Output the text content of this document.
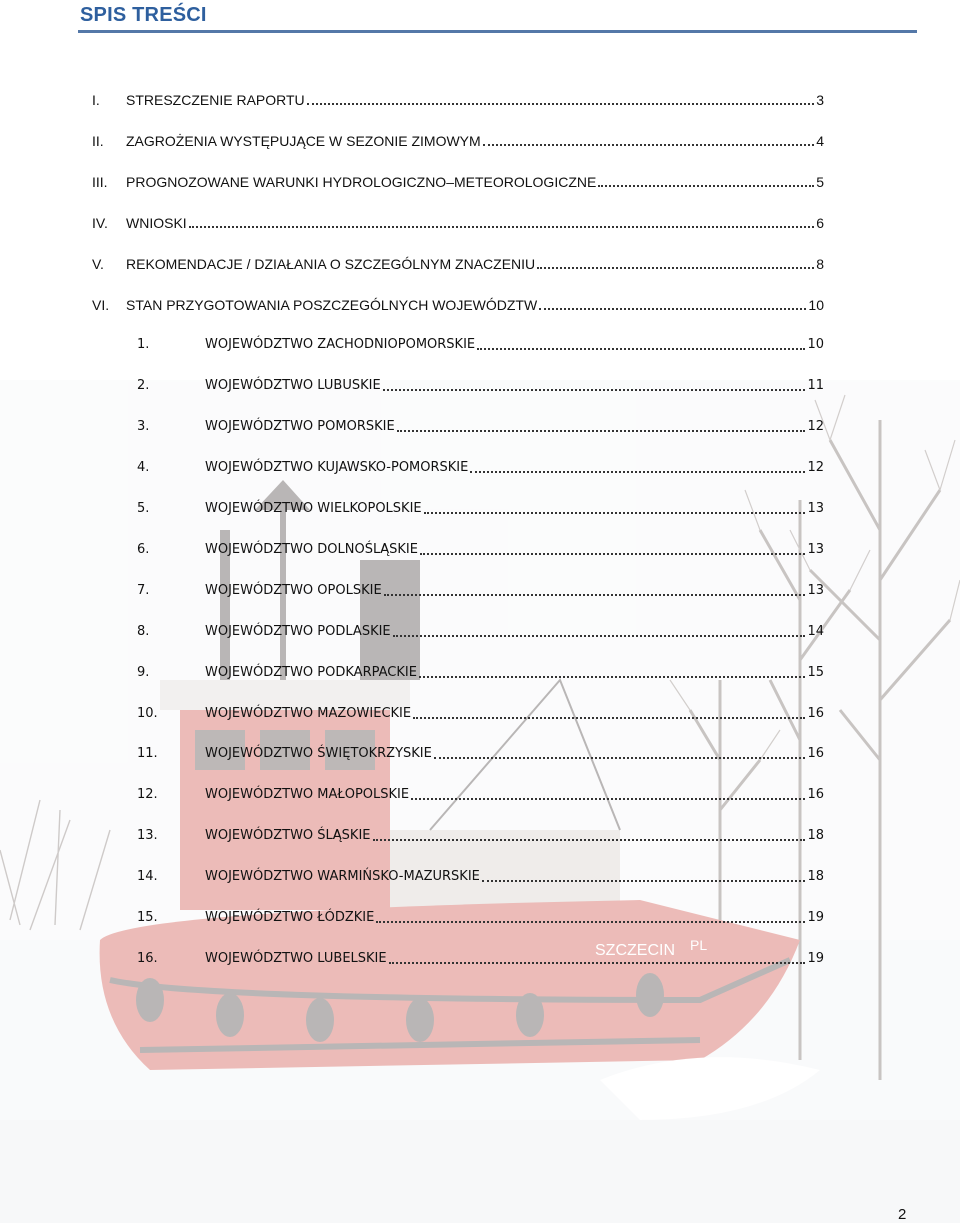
SZCZECIN PL
SPIS TREŚCI
I.	STRESZCZENIE RAPORTU	3
II.	ZAGROŻENIA WYSTĘPUJĄCE W SEZONIE ZIMOWYM	4
III.	PROGNOZOWANE WARUNKI HYDROLOGICZNO–METEOROLOGICZNE	5
IV.	WNIOSKI	6
V.	REKOMENDACJE / DZIAŁANIA O SZCZEGÓLNYM ZNACZENIU	8
VI.	STAN PRZYGOTOWANIA POSZCZEGÓLNYCH WOJEWÓDZTW	10
1.	WOJEWÓDZTWO ZACHODNIOPOMORSKIE	10
2.	WOJEWÓDZTWO LUBUSKIE	11
3.	WOJEWÓDZTWO POMORSKIE	12
4.	WOJEWÓDZTWO KUJAWSKO-POMORSKIE	12
5.	WOJEWÓDZTWO WIELKOPOLSKIE	13
6.	WOJEWÓDZTWO DOLNOŚLĄSKIE	13
7.	WOJEWÓDZTWO OPOLSKIE	13
8.	WOJEWÓDZTWO PODLASKIE	14
9.	WOJEWÓDZTWO PODKARPACKIE	15
10.	WOJEWÓDZTWO MAZOWIECKIE	16
11.	WOJEWÓDZTWO ŚWIĘTOKRZYSKIE	16
12.	WOJEWÓDZTWO MAŁOPOLSKIE	16
13.	WOJEWÓDZTWO ŚLĄSKIE	18
14.	WOJEWÓDZTWO WARMIŃSKO-MAZURSKIE	18
15.	WOJEWÓDZTWO ŁÓDZKIE	19
16.	WOJEWÓDZTWO LUBELSKIE	19
2
